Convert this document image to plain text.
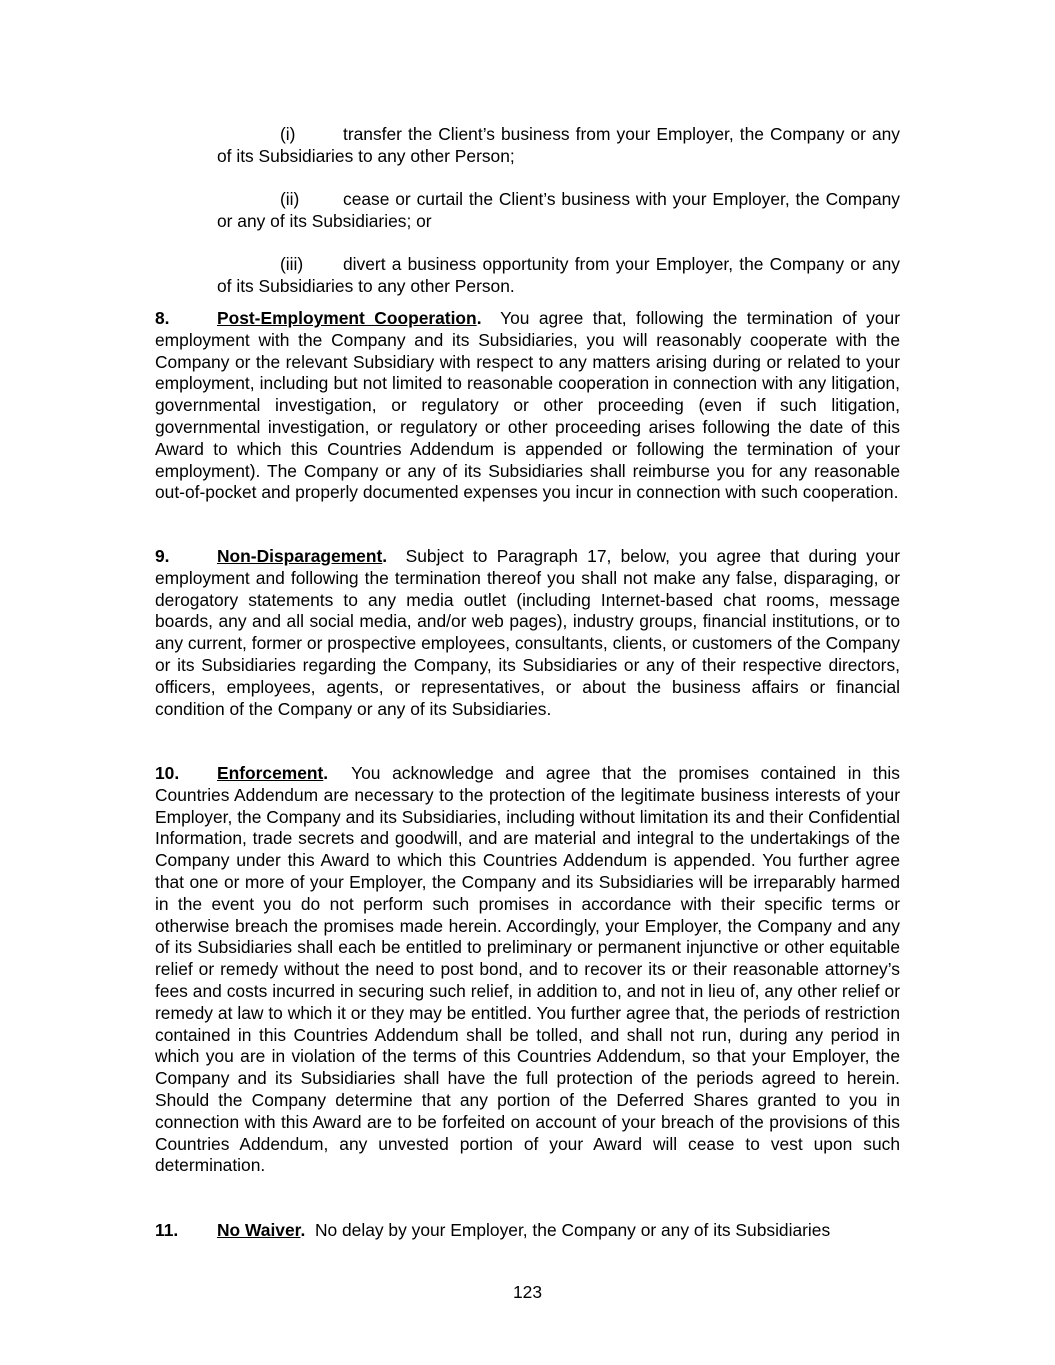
(i)	transfer the Client’s business from your Employer, the Company or any of its Subsidiaries to any other Person;

(ii)	cease or curtail the Client’s business with your Employer, the Company or any of its Subsidiaries; or

(iii) divert a business opportunity from your Employer, the Company or any of its Subsidiaries to any other Person.

8.	Post-Employment Cooperation. You agree that, following the termination of your employment with the Company and its Subsidiaries, you will reasonably cooperate with the Company or the relevant Subsidiary with respect to any matters arising during or related to your employment, including but not limited to reasonable cooperation in connection with any litigation, governmental investigation, or regulatory or other proceeding (even if such litigation, governmental investigation, or regulatory or other proceeding arises following the date of this Award to which this Countries Addendum is appended or following the termination of your employment). The Company or any of its Subsidiaries shall reimburse you for any reasonable out-of-pocket and properly documented expenses you incur in connection with such cooperation.

9.	Non-Disparagement. Subject to Paragraph 17, below, you agree that during your employment and following the termination thereof you shall not make any false, disparaging, or derogatory statements to any media outlet (including Internet-based chat rooms, message boards, any and all social media, and/or web pages), industry groups, financial institutions, or to any current, former or prospective employees, consultants, clients, or customers of the Company or its Subsidiaries regarding the Company, its Subsidiaries or any of their respective directors, officers, employees, agents, or representatives, or about the business affairs or financial condition of the Company or any of its Subsidiaries.

10. Enforcement. You acknowledge and agree that the promises contained in this Countries Addendum are necessary to the protection of the legitimate business interests of your Employer, the Company and its Subsidiaries, including without limitation its and their Confidential Information, trade secrets and goodwill, and are material and integral to the undertakings of the Company under this Award to which this Countries Addendum is appended. You further agree that one or more of your Employer, the Company and its Subsidiaries will be irreparably harmed in the event you do not perform such promises in accordance with their specific terms or otherwise breach the promises made herein. Accordingly, your Employer, the Company and any of its Subsidiaries shall each be entitled to preliminary or permanent injunctive or other equitable relief or remedy without the need to post bond, and to recover its or their reasonable attorney’s fees and costs incurred in securing such relief, in addition to, and not in lieu of, any other relief or remedy at law to which it or they may be entitled. You further agree that, the periods of restriction contained in this Countries Addendum shall be tolled, and shall not run, during any period in which you are in violation of the terms of this Countries Addendum, so that your Employer, the Company and its Subsidiaries shall have the full protection of the periods agreed to herein. Should the Company determine that any portion of the Deferred Shares granted to you in connection with this Award are to be forfeited on account of your breach of the provisions of this Countries Addendum, any unvested portion of your Award will cease to vest upon such determination.

11. No Waiver. No delay by your Employer, the Company or any of its Subsidiaries

123
